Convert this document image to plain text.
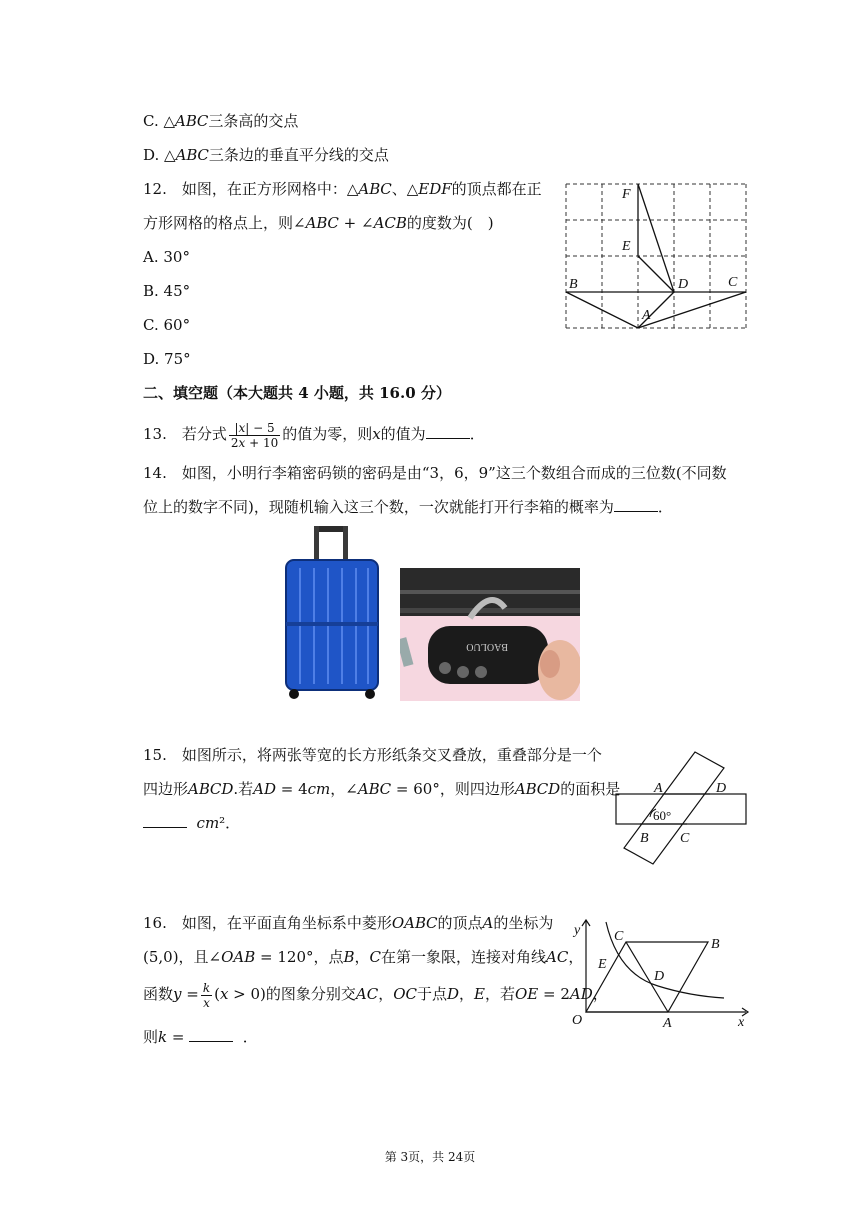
C. △𝐴𝐵𝐶三条高的交点
D. △𝐴𝐵𝐶三条边的垂直平分线的交点
12.　如图，在正方形网格中：△𝐴𝐵𝐶、△𝐸𝐷𝐹的顶点都在正
方形网格的格点上，则∠𝐴𝐵𝐶 + ∠𝐴𝐶𝐵的度数为(　)
A. 30°
B. 45°
C. 60°
D. 75°
F
E
B	D	C
A
二、填空题（本大题共 4 小题，共 16.0 分）
13.　若分式 $\frac{\text{|𝑥| − 5}}{\text{2𝑥 + 10}}$ 的值为零，则𝑥的值为	．
14.　如图，小明行李箱密码锁的密码是由“3，6，9”这三个数组合而成的三位数(不同数
位上的数字不同)，现随机输入这三个数，一次就能打开行李箱的概率为	．
BAOLUO
15.　如图所示，将两张等宽的长方形纸条交叉叠放，重叠部分是一个
四边形𝐴𝐵𝐶𝐷.若𝐴𝐷 = 4𝑐𝑚，∠𝐴𝐵𝐶 = 60°，则四边形𝐴𝐵𝐶𝐷的面积是
𝑐𝑚²．
A	D
B C
60°
16.　如图，在平面直角坐标系中菱形𝑂𝐴𝐵𝐶的顶点𝐴的坐标为
(5,0)，且∠𝑂𝐴𝐵 = 120°，点𝐵，𝐶在第一象限，连接对角线𝐴𝐶，
函数𝑦 = $\frac{\text{𝑘}}{\text{𝑥}}$ (𝑥 > 0)的图象分别交𝐴𝐶，𝑂𝐶于点𝐷，𝐸，若𝑂𝐸 = 2𝐴𝐷，
则𝑘 =	．
y
x
O	A
B
C
D
E
第 3页，共 24页
